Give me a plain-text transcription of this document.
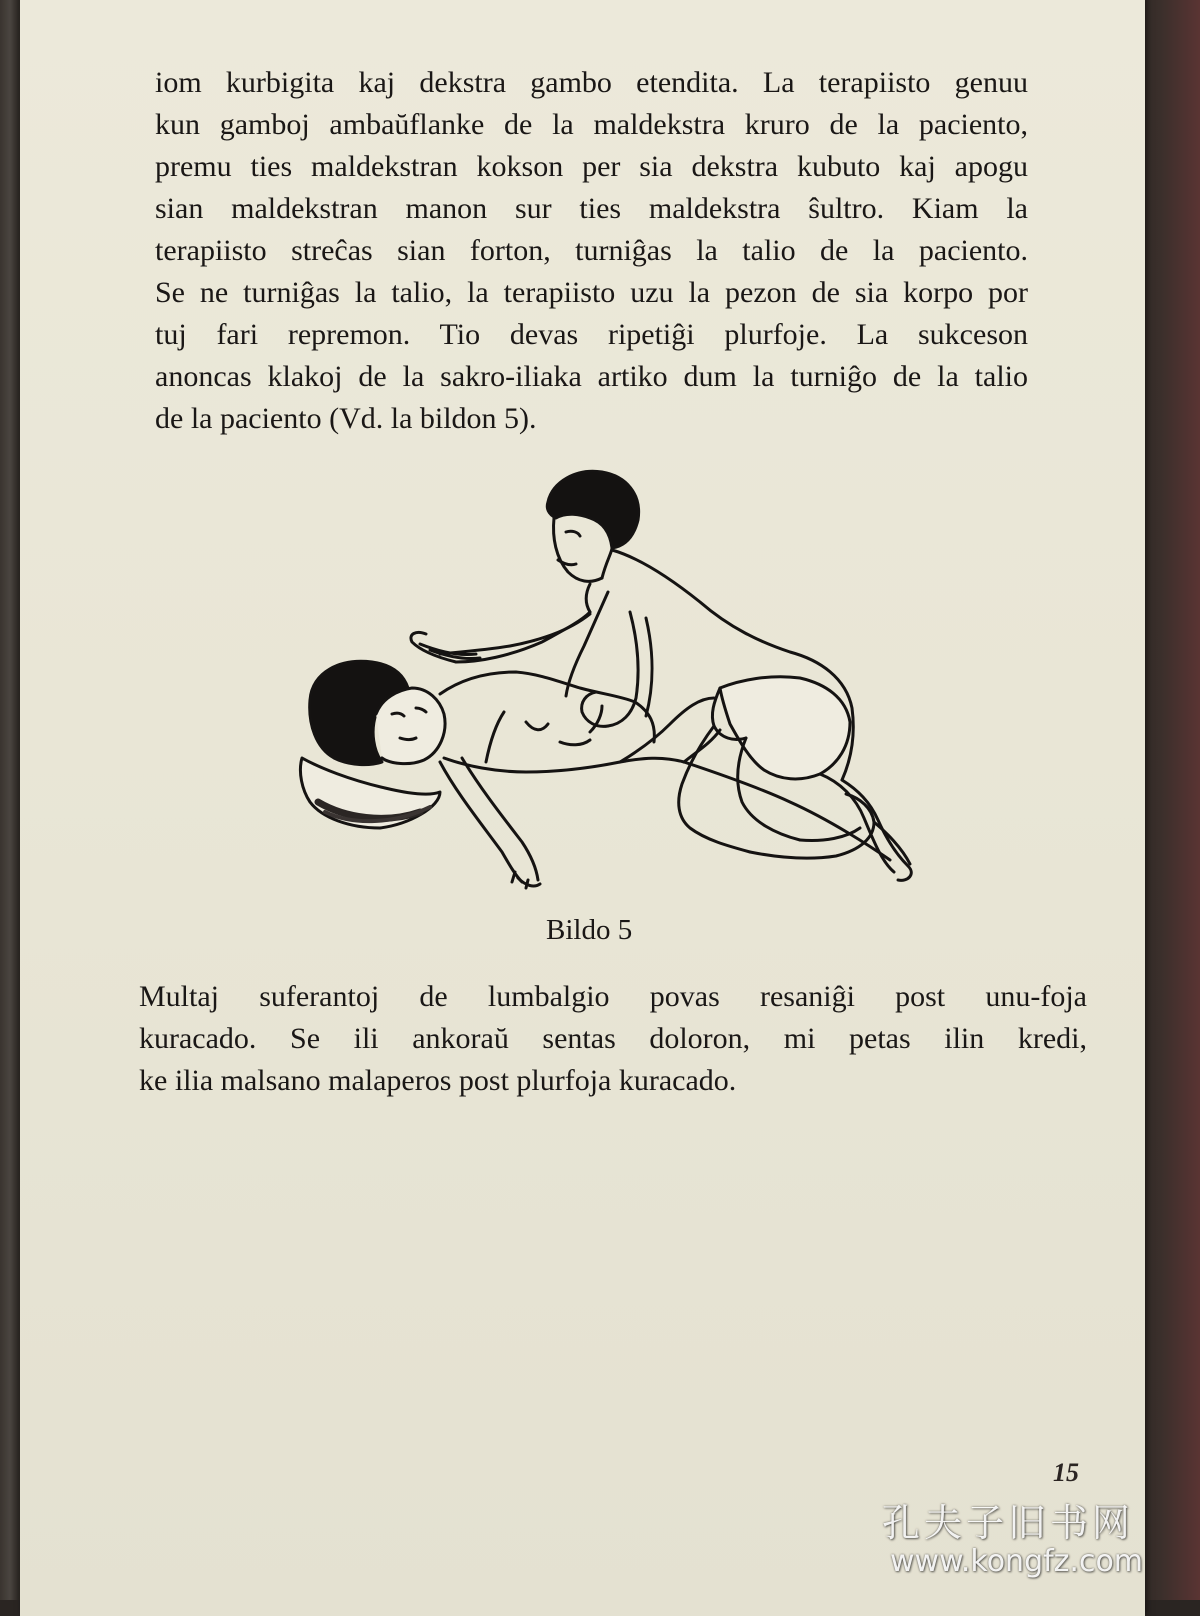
iom kurbigita kaj dekstra gambo etendita. La terapiisto genuu
kun gamboj ambaŭflanke de la maldekstra kruro de la paciento,
premu ties maldekstran kokson per sia dekstra kubuto kaj apogu
sian maldekstran manon sur ties maldekstra ŝultro. Kiam la
terapiisto streĉas sian forton, turniĝas la talio de la paciento.
Se ne turniĝas la talio, la terapiisto uzu la pezon de sia korpo por
tuj fari repremon. Tio devas ripetiĝi plurfoje. La sukceson
anoncas klakoj de la sakro-iliaka artiko dum la turniĝo de la talio
de la paciento (Vd. la bildon 5).
Bildo 5
Multaj suferantoj de lumbalgio povas resaniĝi post unu-foja
kuracado. Se ili ankoraŭ sentas doloron, mi petas ilin kredi,
ke ilia malsano malaperos post plurfoja kuracado.
15
孔夫子旧书网
www.kongfz.com
